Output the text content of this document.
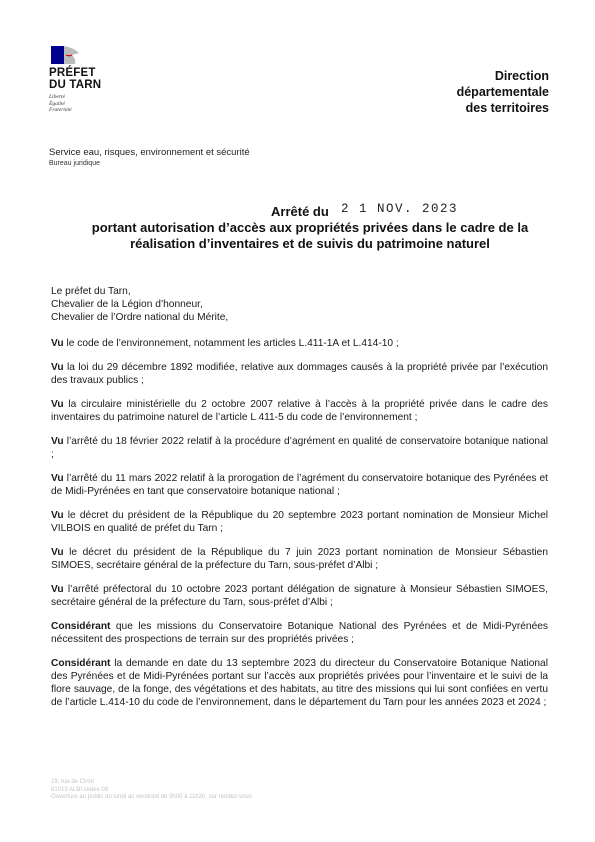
PRÉFET
DU TARN
Liberté
Égalité
Fraternité
Direction
départementale
des territoires
Service eau, risques, environnement et sécurité
Bureau juridique
Arrêté du 2 1 NOV. 2023
portant autorisation d’accès aux propriétés privées dans le cadre de la
réalisation d’inventaires et de suivis du patrimoine naturel

Le préfet du Tarn,
Chevalier de la Légion d’honneur,
Chevalier de l’Ordre national du Mérite,

Vu le code de l’environnement, notamment les articles L.411-1A et L.414-10 ;

Vu la loi du 29 décembre 1892 modifiée, relative aux dommages causés à la propriété privée par l’exécution des travaux publics ;

Vu la circulaire ministérielle du 2 octobre 2007 relative à l’accès à la propriété privée dans le cadre des inventaires du patrimoine naturel de l’article L 411-5 du code de l’environnement ;

Vu l’arrêté du 18 février 2022 relatif à la procédure d’agrément en qualité de conservatoire botanique national ;

Vu l’arrêté du 11 mars 2022 relatif à la prorogation de l’agrément du conservatoire botanique des Pyrénées et de Midi-Pyrénées en tant que conservatoire botanique national ;

Vu le décret du président de la République du 20 septembre 2023 portant nomination de Monsieur Michel VILBOIS en qualité de préfet du Tarn ;

Vu le décret du président de la République du 7 juin 2023 portant nomination de Monsieur Sébastien SIMOES, secrétaire général de la préfecture du Tarn, sous-préfet d’Albi ;

Vu l’arrêté préfectoral du 10 octobre 2023 portant délégation de signature à Monsieur Sébastien SIMOES, secrétaire général de la préfecture du Tarn, sous-préfet d’Albi ;

Considérant que les missions du Conservatoire Botanique National des Pyrénées et de Midi-Pyrénées nécessitent des prospections de terrain sur des propriétés privées ;

Considérant la demande en date du 13 septembre 2023 du directeur du Conservatoire Botanique National des Pyrénées et de Midi-Pyrénées portant sur l’accès aux propriétés privées pour l’inventaire et le suivi de la flore sauvage, de la fonge, des végétations et des habitats, au titre des missions qui lui sont confiées en vertu de l’article L.414-10 du code de l’environnement, dans le département du Tarn pour les années 2023 et 2024 ;

19, rue de Ciron
81013 ALBI cedex 09
Ouverture au public du lundi au vendredi de 9h00 à 11h30, sur rendez-vous
